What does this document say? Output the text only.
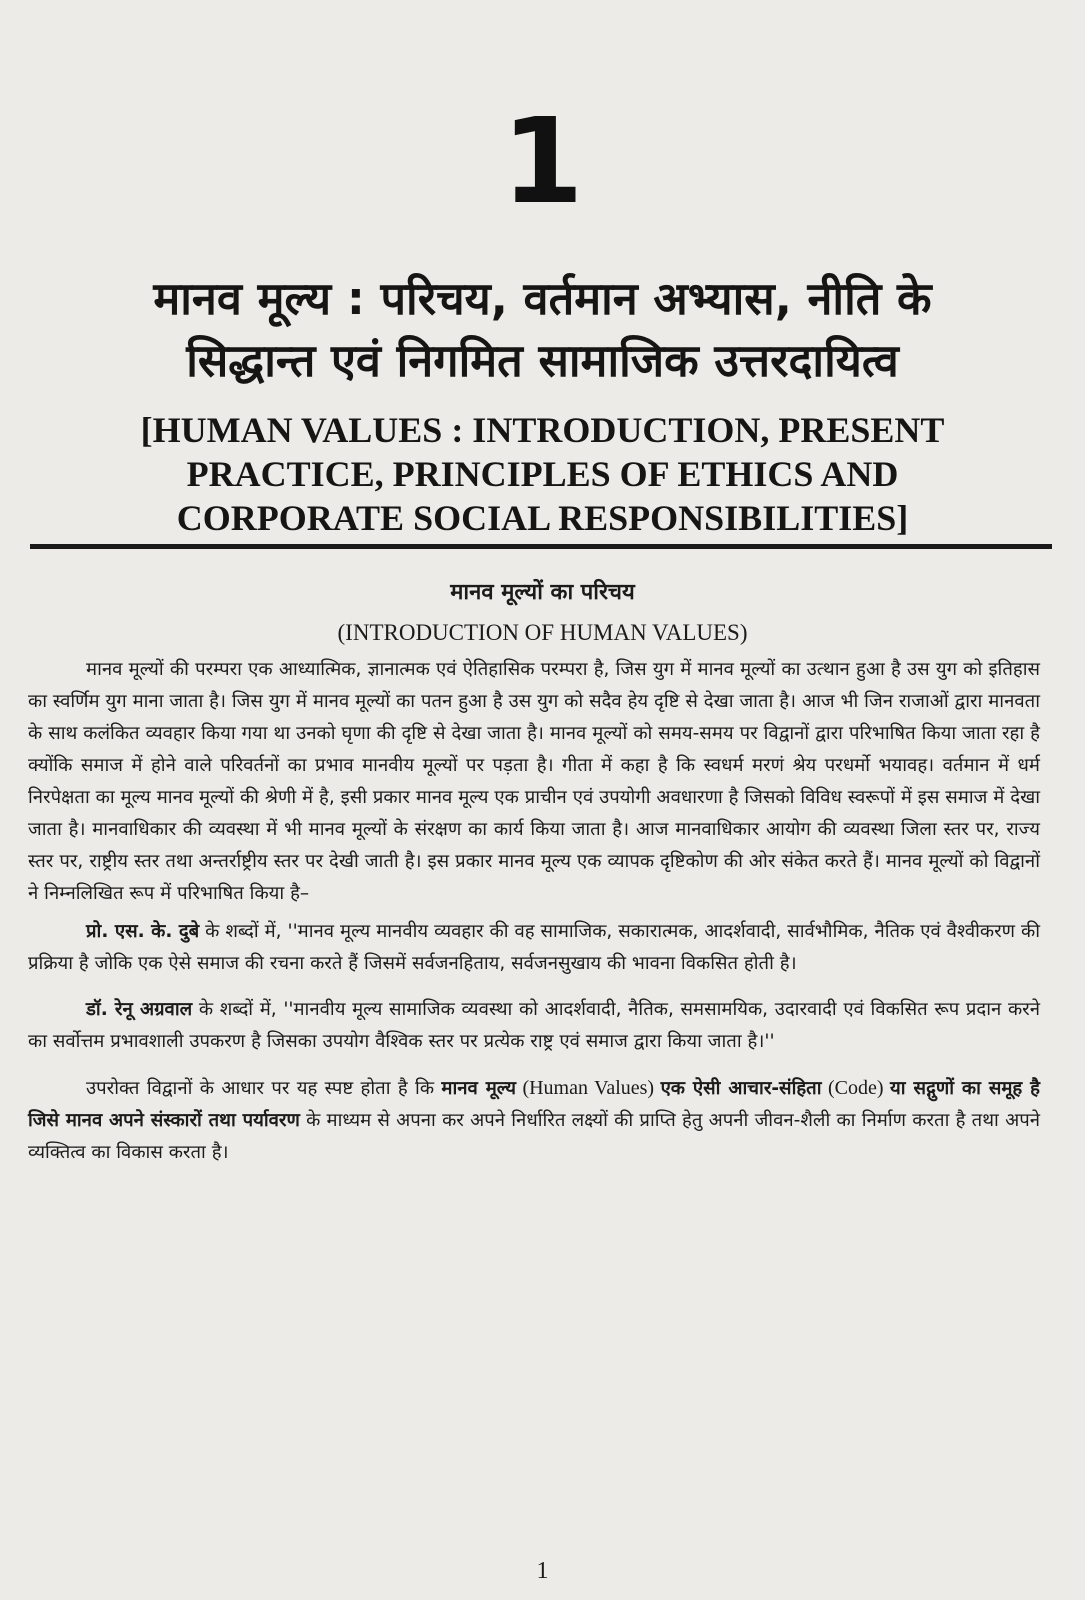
1
मानव मूल्य : परिचय, वर्तमान अभ्यास, नीति के
सिद्धान्त एवं निगमित सामाजिक उत्तरदायित्व
[HUMAN VALUES : INTRODUCTION, PRESENT
PRACTICE, PRINCIPLES OF ETHICS AND
CORPORATE SOCIAL RESPONSIBILITIES]
मानव मूल्यों का परिचय
(INTRODUCTION OF HUMAN VALUES)

मानव मूल्यों की परम्परा एक आध्यात्मिक, ज्ञानात्मक एवं ऐतिहासिक परम्परा है, जिस युग में मानव मूल्यों का उत्थान हुआ है उस युग को इतिहास का स्वर्णिम युग माना जाता है। जिस युग में मानव मूल्यों का पतन हुआ है उस युग को सदैव हेय दृष्टि से देखा जाता है। आज भी जिन राजाओं द्वारा मानवता के साथ कलंकित व्यवहार किया गया था उनको घृणा की दृष्टि से देखा जाता है। मानव मूल्यों को समय-समय पर विद्वानों द्वारा परिभाषित किया जाता रहा है क्योंकि समाज में होने वाले परिवर्तनों का प्रभाव मानवीय मूल्यों पर पड़ता है। गीता में कहा है कि स्वधर्म मरणं श्रेय परधर्मो भयावह। वर्तमान में धर्म निरपेक्षता का मूल्य मानव मूल्यों की श्रेणी में है, इसी प्रकार मानव मूल्य एक प्राचीन एवं उपयोगी अवधारणा है जिसको विविध स्वरूपों में इस समाज में देखा जाता है। मानवाधिकार की व्यवस्था में भी मानव मूल्यों के संरक्षण का कार्य किया जाता है। आज मानवाधिकार आयोग की व्यवस्था जिला स्तर पर, राज्य स्तर पर, राष्ट्रीय स्तर तथा अन्तर्राष्ट्रीय स्तर पर देखी जाती है। इस प्रकार मानव मूल्य एक व्यापक दृष्टिकोण की ओर संकेत करते हैं। मानव मूल्यों को विद्वानों ने निम्नलिखित रूप में परिभाषित किया है–

प्रो. एस. के. दुबे के शब्दों में, ''मानव मूल्य मानवीय व्यवहार की वह सामाजिक, सकारात्मक, आदर्शवादी, सार्वभौमिक, नैतिक एवं वैश्वीकरण की प्रक्रिया है जोकि एक ऐसे समाज की रचना करते हैं जिसमें सर्वजनहिताय, सर्वजनसुखाय की भावना विकसित होती है।

डॉ. रेनू अग्रवाल के शब्दों में, ''मानवीय मूल्य सामाजिक व्यवस्था को आदर्शवादी, नैतिक, समसामयिक, उदारवादी एवं विकसित रूप प्रदान करने का सर्वोत्तम प्रभावशाली उपकरण है जिसका उपयोग वैश्विक स्तर पर प्रत्येक राष्ट्र एवं समाज द्वारा किया जाता है।''

उपरोक्त विद्वानों के आधार पर यह स्पष्ट होता है कि मानव मूल्य (Human Values) एक ऐसी आचार-संहिता (Code) या सद्गुणों का समूह है जिसे मानव अपने संस्कारों तथा पर्यावरण के माध्यम से अपना कर अपने निर्धारित लक्ष्यों की प्राप्ति हेतु अपनी जीवन-शैली का निर्माण करता है तथा अपने व्यक्तित्व का विकास करता है।

1
